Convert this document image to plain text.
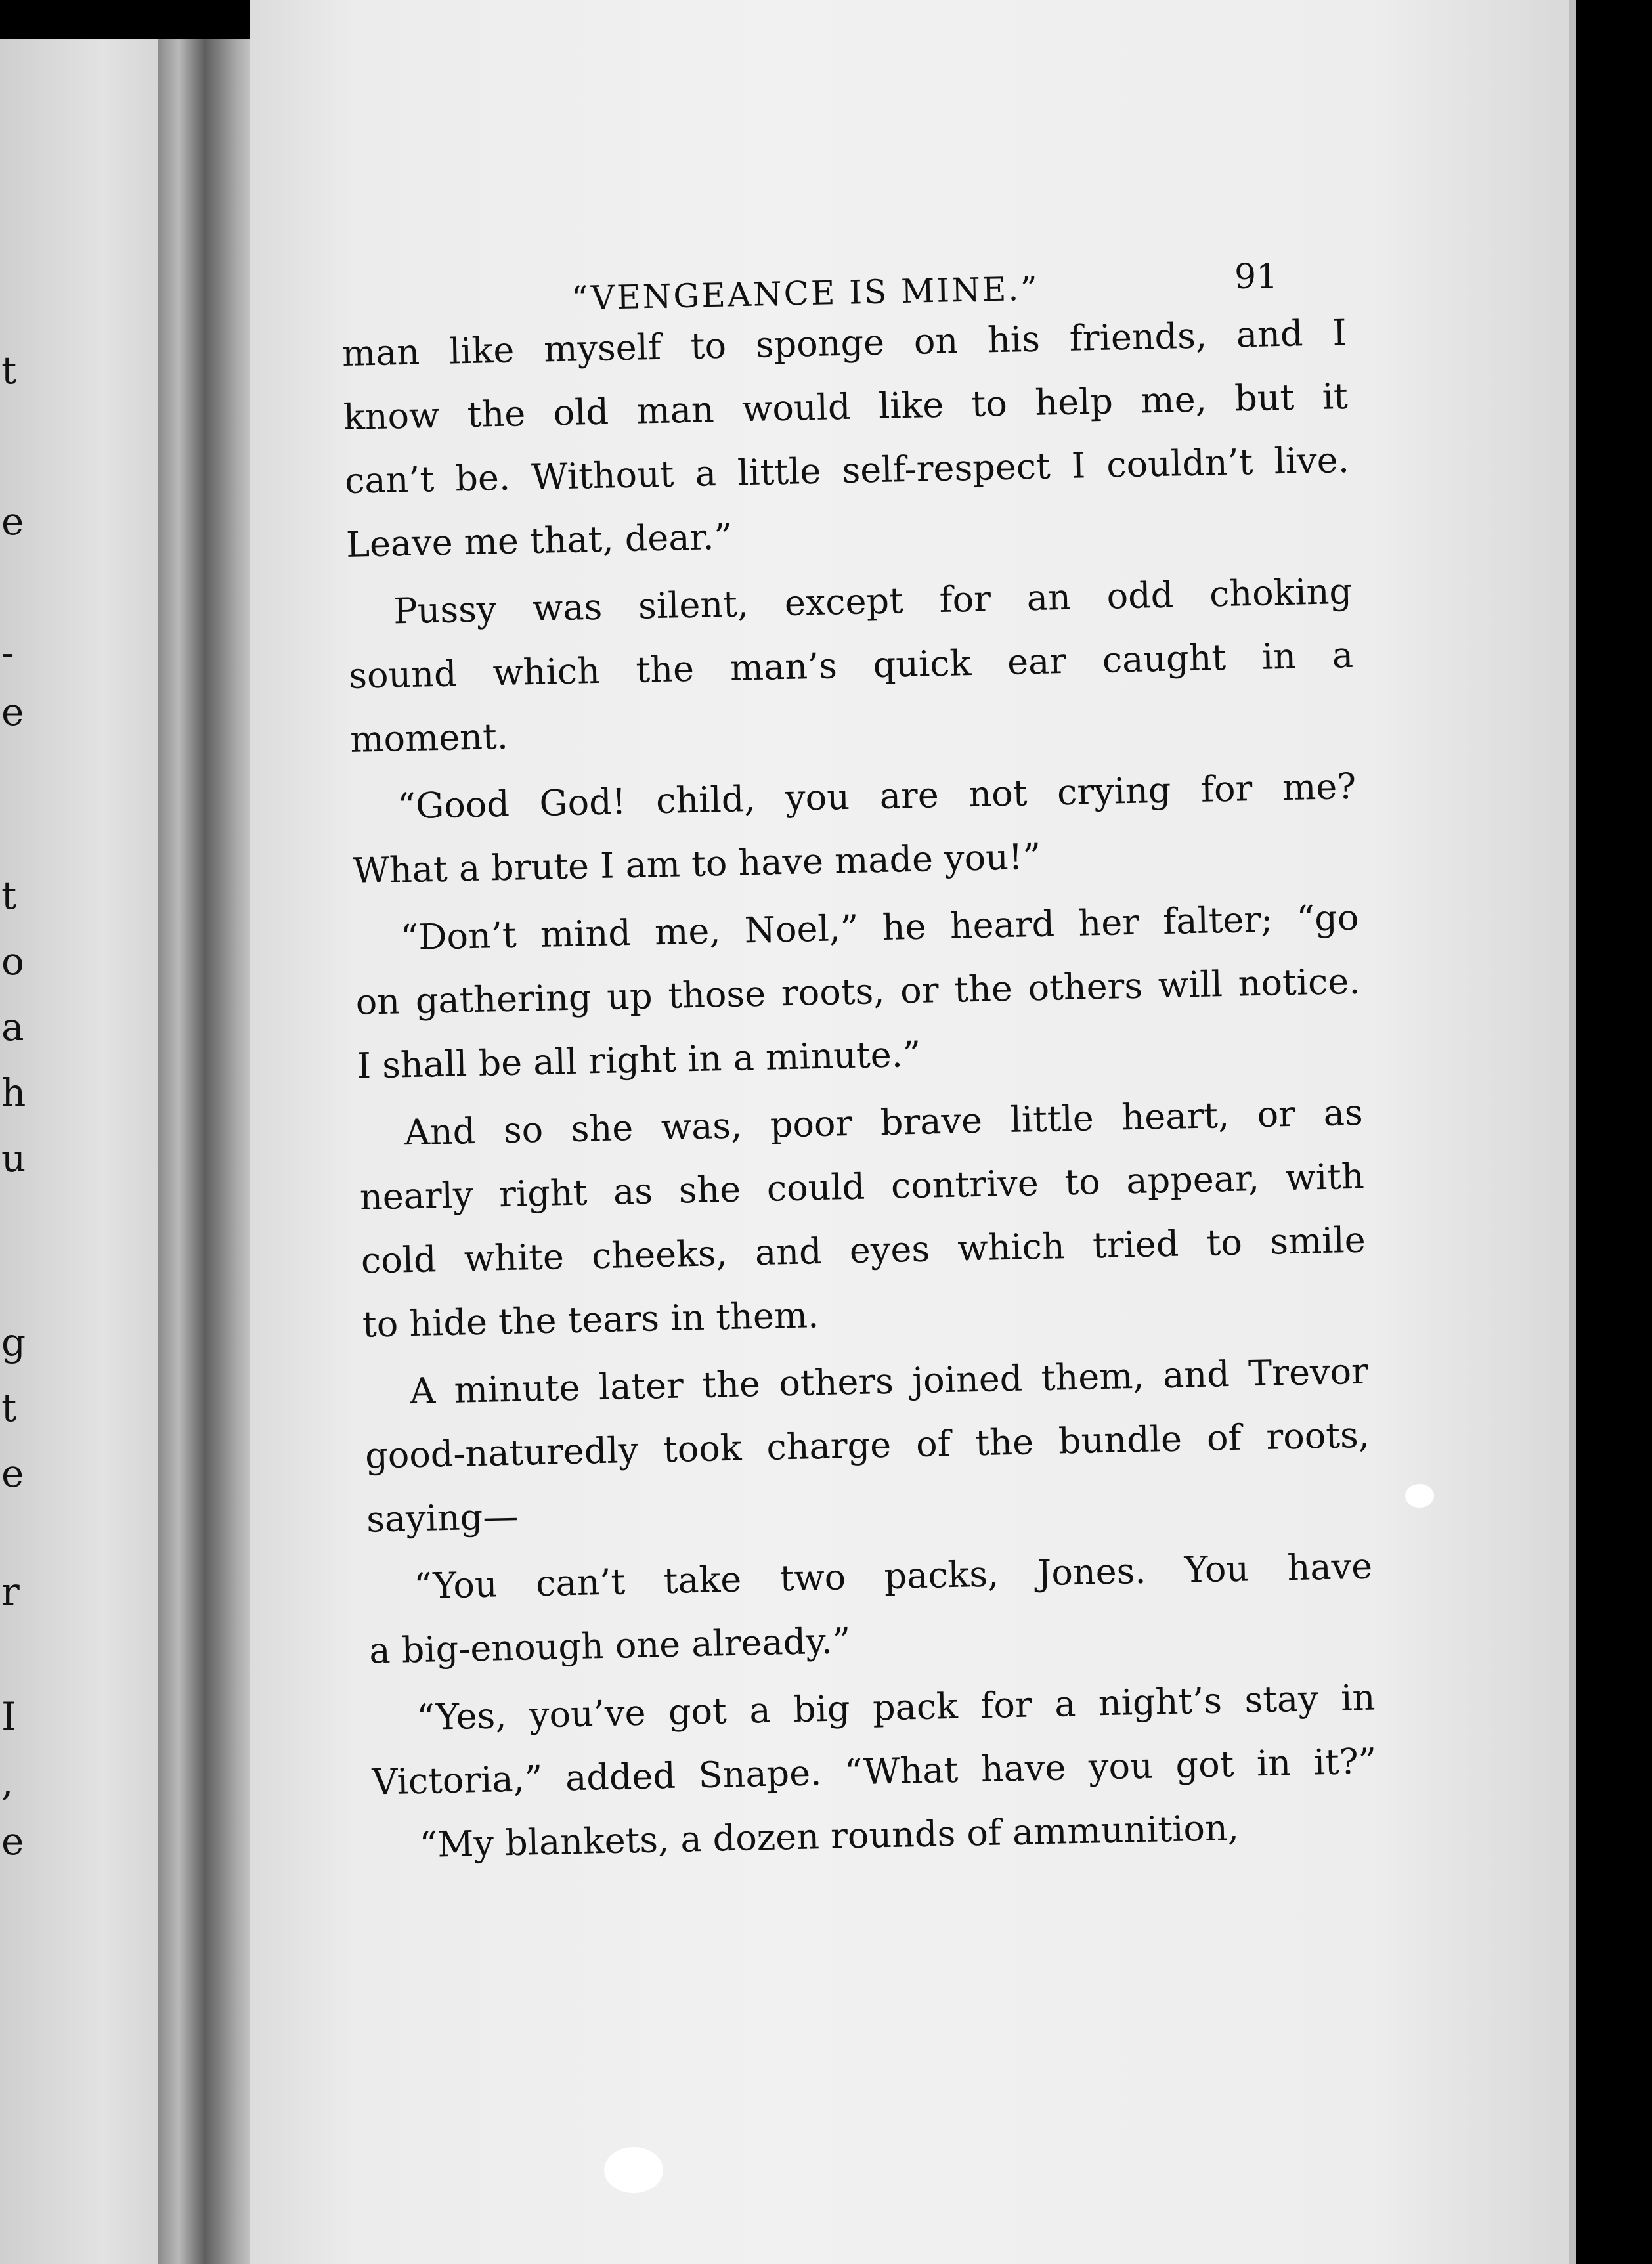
t
e
-
e
t
o
a
h
u
g
t
e
r
I
,
e
“VENGEANCE IS MINE.”	91
man like myself to sponge on his friends, and I
know the old man would like to help me, but it
can’t be. Without a little self-respect I couldn’t live.
Leave me that, dear.”
Pussy was silent, except for an odd choking
sound which the man’s quick ear caught in a
moment.
“Good God! child, you are not crying for me?
What a brute I am to have made you!”
“Don’t mind me, Noel,” he heard her falter; “go
on gathering up those roots, or the others will notice.
I shall be all right in a minute.”
And so she was, poor brave little heart, or as
nearly right as she could contrive to appear, with
cold white cheeks, and eyes which tried to smile
to hide the tears in them.
A minute later the others joined them, and Trevor
good-naturedly took charge of the bundle of roots,
saying—
“You can’t take two packs, Jones. You have
a big-enough one already.”
“Yes, you’ve got a big pack for a night’s stay in
Victoria,” added Snape. “What have you got in it?”
“My blankets, a dozen rounds of ammunition,
